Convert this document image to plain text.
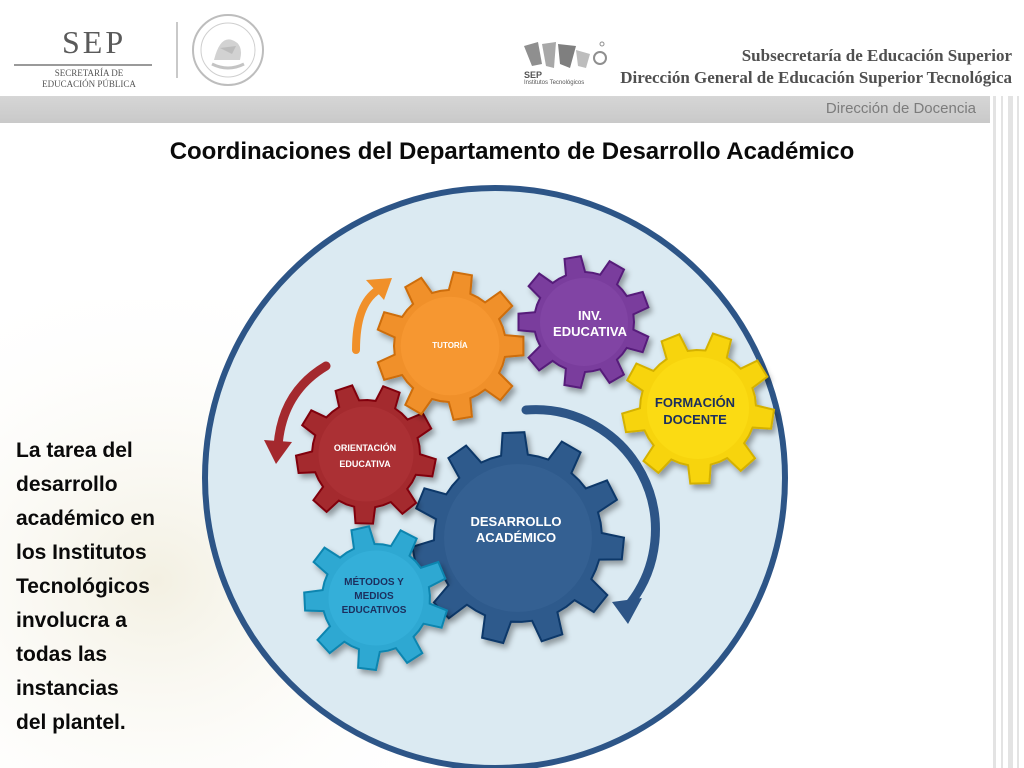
SEP
SECRETARÍA DE
EDUCACIÓN PÚBLICA
SEP
Institutos Tecnológicos
Subsecretaría de Educación Superior
Dirección General de Educación Superior Tecnológica
Dirección de Docencia
Coordinaciones del Departamento de Desarrollo Académico
TUTORÍA
INV.
EDUCATIVA
FORMACIÓN
DOCENTE
ORIENTACIÓN
EDUCATIVA
DESARROLLO
ACADÉMICO
MÉTODOS Y
MEDIOS
EDUCATIVOS
La tarea del
desarrollo
académico en
los Institutos
Tecnológicos
involucra a
todas las
instancias
del plantel.
